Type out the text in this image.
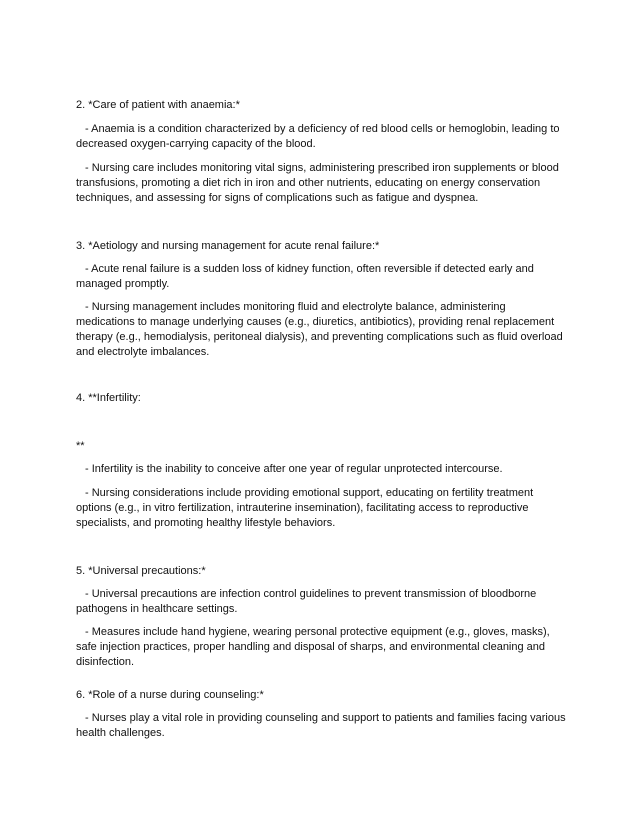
2. *Care of patient with anaemia:*

- Anaemia is a condition characterized by a deficiency of red blood cells or hemoglobin, leading to decreased oxygen-carrying capacity of the blood.

- Nursing care includes monitoring vital signs, administering prescribed iron supplements or blood transfusions, promoting a diet rich in iron and other nutrients, educating on energy conservation techniques, and assessing for signs of complications such as fatigue and dyspnea.

3. *Aetiology and nursing management for acute renal failure:*

- Acute renal failure is a sudden loss of kidney function, often reversible if detected early and managed promptly.

- Nursing management includes monitoring fluid and electrolyte balance, administering medications to manage underlying causes (e.g., diuretics, antibiotics), providing renal replacement therapy (e.g., hemodialysis, peritoneal dialysis), and preventing complications such as fluid overload and electrolyte imbalances.

4. **Infertility:

**

- Infertility is the inability to conceive after one year of regular unprotected intercourse.

- Nursing considerations include providing emotional support, educating on fertility treatment options (e.g., in vitro fertilization, intrauterine insemination), facilitating access to reproductive specialists, and promoting healthy lifestyle behaviors.

5. *Universal precautions:*

- Universal precautions are infection control guidelines to prevent transmission of bloodborne pathogens in healthcare settings.

- Measures include hand hygiene, wearing personal protective equipment (e.g., gloves, masks), safe injection practices, proper handling and disposal of sharps, and environmental cleaning and disinfection.

6. *Role of a nurse during counseling:*

- Nurses play a vital role in providing counseling and support to patients and families facing various health challenges.
